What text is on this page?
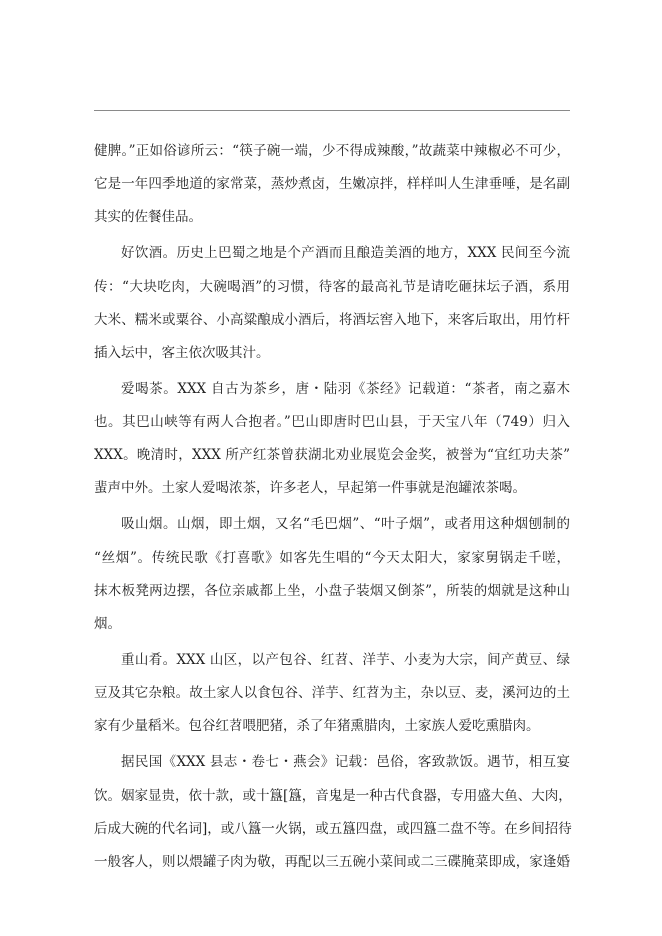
健脾。”正如俗谚所云：“筷子碗一端，少不得成辣酸，”故蔬菜中辣椒必不可少，
它是一年四季地道的家常菜，蒸炒煮卤，生嫩凉拌，样样叫人生津垂唾，是名副
其实的佐餐佳品。
好饮酒。历史上巴蜀之地是个产酒而且酿造美酒的地方，XXX 民间至今流
传：“大块吃肉，大碗喝酒”的习惯，待客的最高礼节是请吃砸抹坛子酒，系用
大米、糯米或粟谷、小高粱酿成小酒后，将酒坛窖入地下，来客后取出，用竹杆
插入坛中，客主依次吸其汁。
爱喝茶。XXX 自古为茶乡，唐・陆羽《茶经》记载道：“茶者，南之嘉木
也。其巴山峡等有两人合抱者。”巴山即唐时巴山县，于天宝八年（749）归入
XXX。晚清时，XXX 所产红茶曾获湖北劝业展览会金奖，被誉为“宜红功夫茶”
蜚声中外。土家人爱喝浓茶，许多老人，早起第一件事就是泡罐浓茶喝。
吸山烟。山烟，即土烟，又名“毛巴烟”、“叶子烟”，或者用这种烟刨制的
“丝烟”。传统民歌《打喜歌》如客先生唱的“今天太阳大，家家舅锅走千嗟，
抹木板凳两边摆，各位亲戚都上坐，小盘子装烟又倒茶”，所装的烟就是这种山
烟。
重山肴。XXX 山区，以产包谷、红苕、洋芋、小麦为大宗，间产黄豆、绿
豆及其它杂粮。故土家人以食包谷、洋芋、红苕为主，杂以豆、麦，溪河边的土
家有少量稻米。包谷红苕喂肥猪，杀了年猪熏腊肉，土家族人爱吃熏腊肉。
据民国《XXX 县志・卷七・燕会》记载：邑俗，客致款饭。遇节，相互宴
饮。姻家显贵，依十款，或十簋[簋，音鬼是一种古代食器，专用盛大鱼、大肉，
后成大碗的代名词]，或八簋一火锅，或五簋四盘，或四簋二盘不等。在乡间招待
一般客人，则以煨罐子肉为敬，再配以三五碗小菜间或二三碟腌菜即成，家逢婚
